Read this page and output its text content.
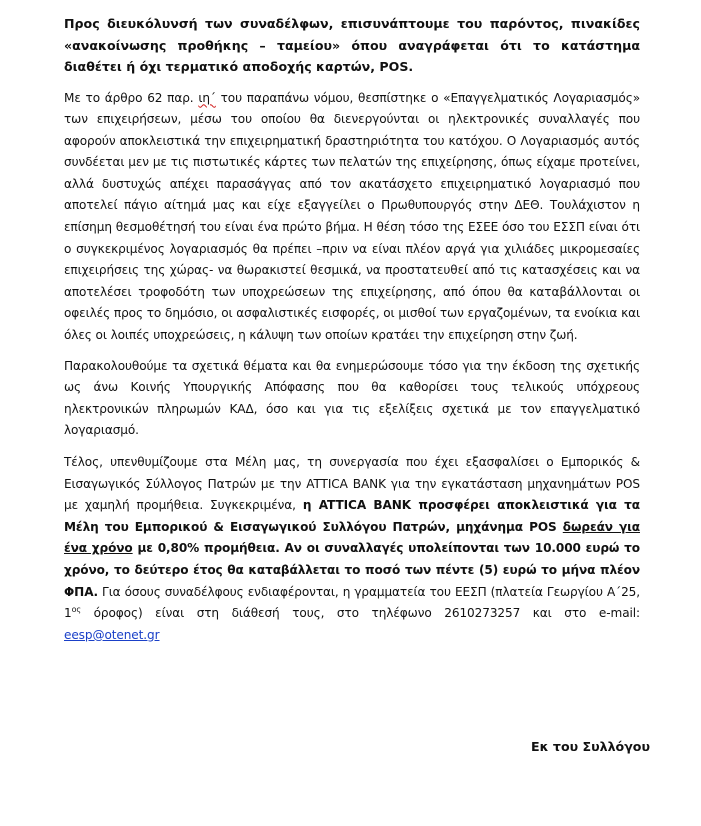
Προς διευκόλυνσή των συναδέλφων, επισυνάπτουμε του παρόντος, πινακίδες «ανακοίνωσης προθήκης – ταμείου» όπου αναγράφεται ότι το κατάστημα διαθέτει ή όχι τερματικό αποδοχής καρτών, POS.

Με το άρθρο 62 παρ. ιη΄ του παραπάνω νόμου, θεσπίστηκε ο «Επαγγελματικός Λογαριασμός» των επιχειρήσεων, μέσω του οποίου θα διενεργούνται οι ηλεκτρονικές συναλλαγές που αφορούν αποκλειστικά την επιχειρηματική δραστηριότητα του κατόχου. Ο Λογαριασμός αυτός συνδέεται μεν με τις πιστωτικές κάρτες των πελατών της επιχείρησης, όπως είχαμε προτείνει, αλλά δυστυχώς απέχει παρασάγγας από τον ακατάσχετο επιχειρηματικό λογαριασμό που αποτελεί πάγιο αίτημά μας και είχε εξαγγείλει ο Πρωθυπουργός στην ΔΕΘ. Τουλάχιστον η επίσημη θεσμοθέτησή του είναι ένα πρώτο βήμα. Η θέση τόσο της ΕΣΕΕ όσο του ΕΣΣΠ είναι ότι ο συγκεκριμένος λογαριασμός θα πρέπει –πριν να είναι πλέον αργά για χιλιάδες μικρομεσαίες επιχειρήσεις της χώρας- να θωρακιστεί θεσμικά, να προστατευθεί από τις κατασχέσεις και να αποτελέσει τροφοδότη των υποχρεώσεων της επιχείρησης, από όπου θα καταβάλλονται οι οφειλές προς το δημόσιο, οι ασφαλιστικές εισφορές, οι μισθοί των εργαζομένων, τα ενοίκια και όλες οι λοιπές υποχρεώσεις, η κάλυψη των οποίων κρατάει την επιχείρηση στην ζωή.

Παρακολουθούμε τα σχετικά θέματα και θα ενημερώσουμε τόσο για την έκδοση της σχετικής ως άνω Κοινής Υπουργικής Απόφασης που θα καθορίσει τους τελικούς υπόχρεους ηλεκτρονικών πληρωμών ΚΑΔ, όσο και για τις εξελίξεις σχετικά με τον επαγγελματικό λογαριασμό.

Τέλος, υπενθυμίζουμε στα Μέλη μας, τη συνεργασία που έχει εξασφαλίσει ο Εμπορικός & Εισαγωγικός Σύλλογος Πατρών με την ATTICA BANK για την εγκατάσταση μηχανημάτων POS με χαμηλή προμήθεια. Συγκεκριμένα, η ATTICA BANK προσφέρει αποκλειστικά για τα Μέλη του Εμπορικού & Εισαγωγικού Συλλόγου Πατρών, μηχάνημα POS δωρεάν για ένα χρόνο με 0,80% προμήθεια. Αν οι συναλλαγές υπολείπονται των 10.000 ευρώ το χρόνο, το δεύτερο έτος θα καταβάλλεται το ποσό των πέντε (5) ευρώ το μήνα πλέον ΦΠΑ. Για όσους συναδέλφους ενδιαφέρονται, η γραμματεία του ΕΕΣΠ (πλατεία Γεωργίου Α΄25, $1^{o\varsigma}$ όροφος) είναι στη διάθεσή τους, στο τηλέφωνο 2610273257 και στο e-mail: eesp@otenet.gr

Εκ του Συλλόγου
